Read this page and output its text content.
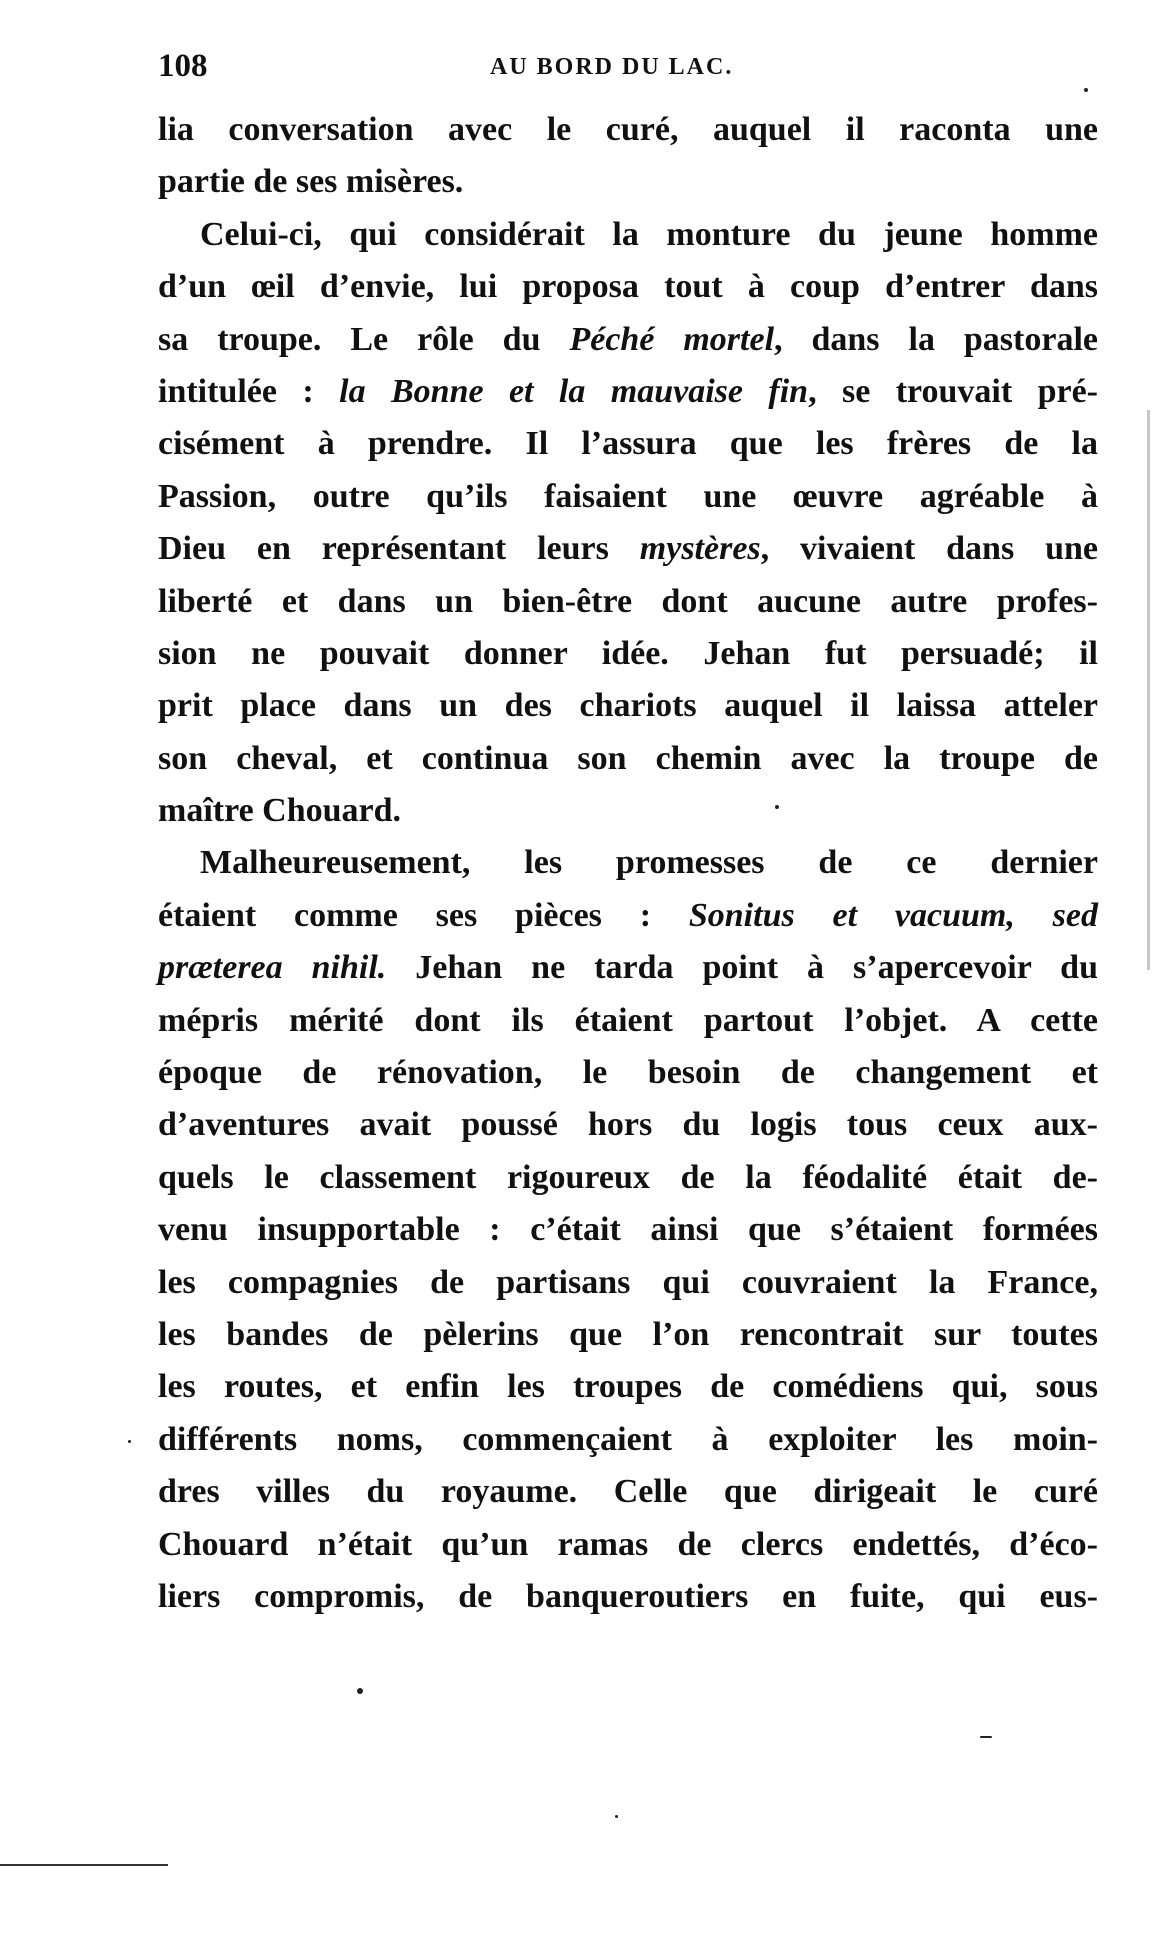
108	AU BORD DU LAC.
lia conversation avec le curé, auquel il raconta une
partie de ses misères.
Celui-ci, qui considérait la monture du jeune homme
d’un œil d’envie, lui proposa tout à coup d’entrer dans
sa troupe. Le rôle du Péché mortel, dans la pastorale
intitulée : la Bonne et la mauvaise fin, se trouvait pré-
cisément à prendre. Il l’assura que les frères de la
Passion, outre qu’ils faisaient une œuvre agréable à
Dieu en représentant leurs mystères, vivaient dans une
liberté et dans un bien-être dont aucune autre profes-
sion ne pouvait donner idée. Jehan fut persuadé; il
prit place dans un des chariots auquel il laissa atteler
son cheval, et continua son chemin avec la troupe de
maître Chouard.
Malheureusement, les promesses de ce dernier
étaient comme ses pièces : Sonitus et vacuum, sed
præterea nihil. Jehan ne tarda point à s’apercevoir du
mépris mérité dont ils étaient partout l’objet. A cette
époque de rénovation, le besoin de changement et
d’aventures avait poussé hors du logis tous ceux aux-
quels le classement rigoureux de la féodalité était de-
venu insupportable : c’était ainsi que s’étaient formées
les compagnies de partisans qui couvraient la France,
les bandes de pèlerins que l’on rencontrait sur toutes
les routes, et enfin les troupes de comédiens qui, sous
différents noms, commençaient à exploiter les moin-
dres villes du royaume. Celle que dirigeait le curé
Chouard n’était qu’un ramas de clercs endettés, d’éco-
liers compromis, de banqueroutiers en fuite, qui eus-
